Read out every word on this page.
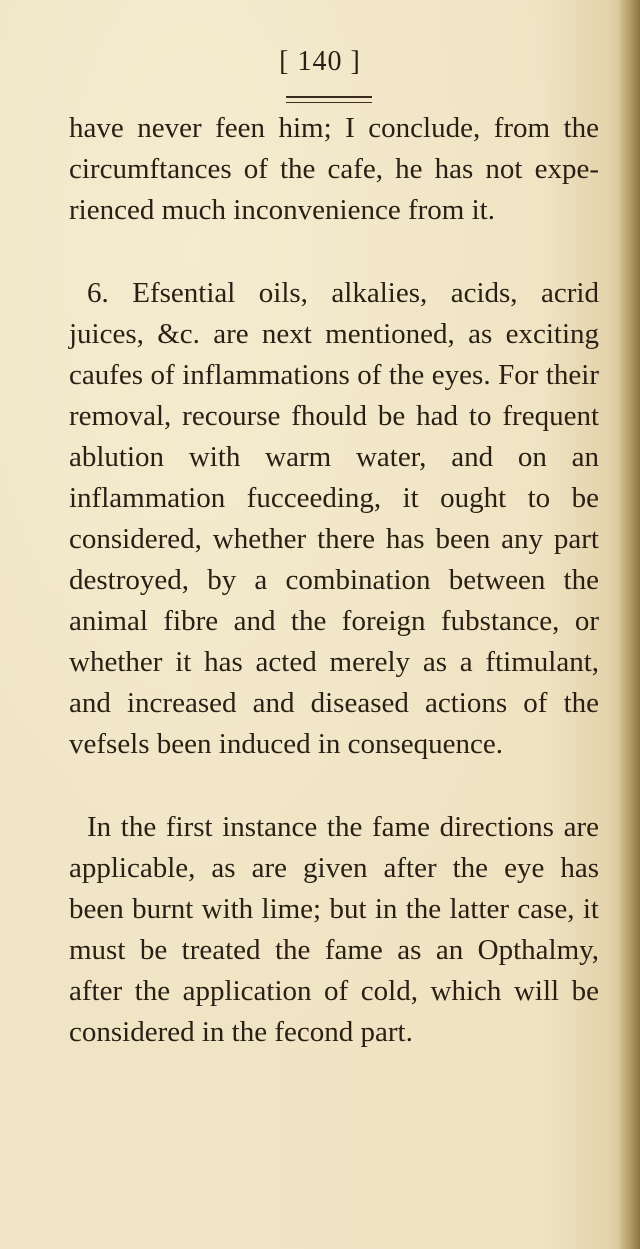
[ 140 ]

have never feen him; I conclude, from the circumftances of the cafe, he has not experienced much inconvenience from it.

6. Efsential oils, alkalies, acids, acrid juices, &c. are next mentioned, as exciting caufes of inflammations of the eyes. For their removal, recourse fhould be had to frequent ablution with warm water, and on an inflammation fucceeding, it ought to be considered, whether there has been any part destroyed, by a combination between the animal fibre and the foreign fubstance, or whether it has acted merely as a ftimulant, and increased and diseased actions of the vefsels been induced in consequence.

In the first instance the fame directions are applicable, as are given after the eye has been burnt with lime; but in the latter case, it must be treated the fame as an Opthalmy, after the application of cold, which will be considered in the fecond part.
